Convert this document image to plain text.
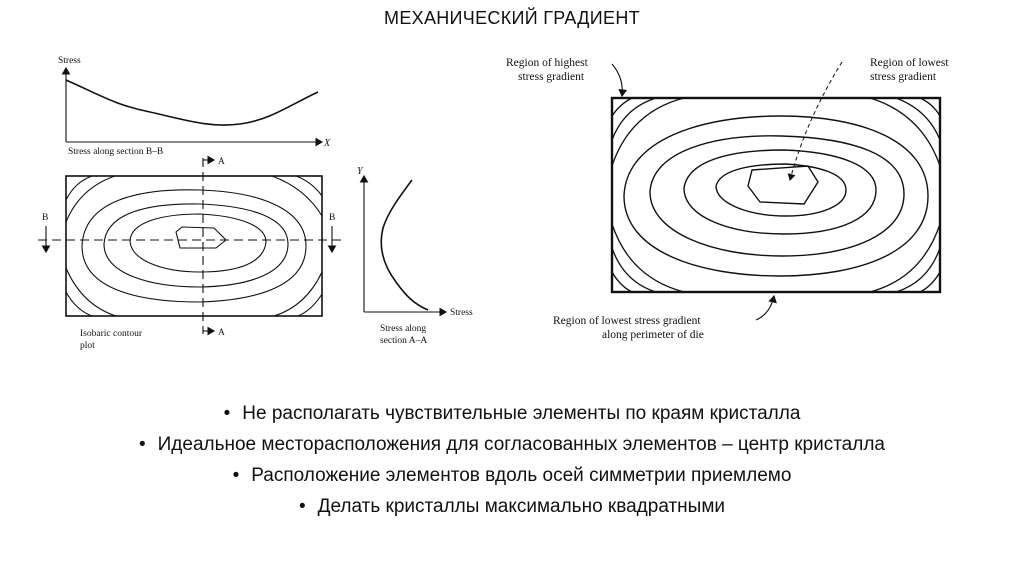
МЕХАНИЧЕСКИЙ ГРАДИЕНТ
Stress
X
Stress along section B–B
B	B
A
A
Isobaric contour
plot
Y
Stress
Stress along
section A–A
Region of highest
stress gradient
Region of lowest
stress gradient
Region of lowest stress gradient
along perimeter of die
• Не располагать чувствительные элементы по краям кристалла
• Идеальное месторасположения для согласованных элементов – центр кристалла
• Расположение элементов вдоль осей симметрии приемлемо
• Делать кристаллы максимально квадратными
